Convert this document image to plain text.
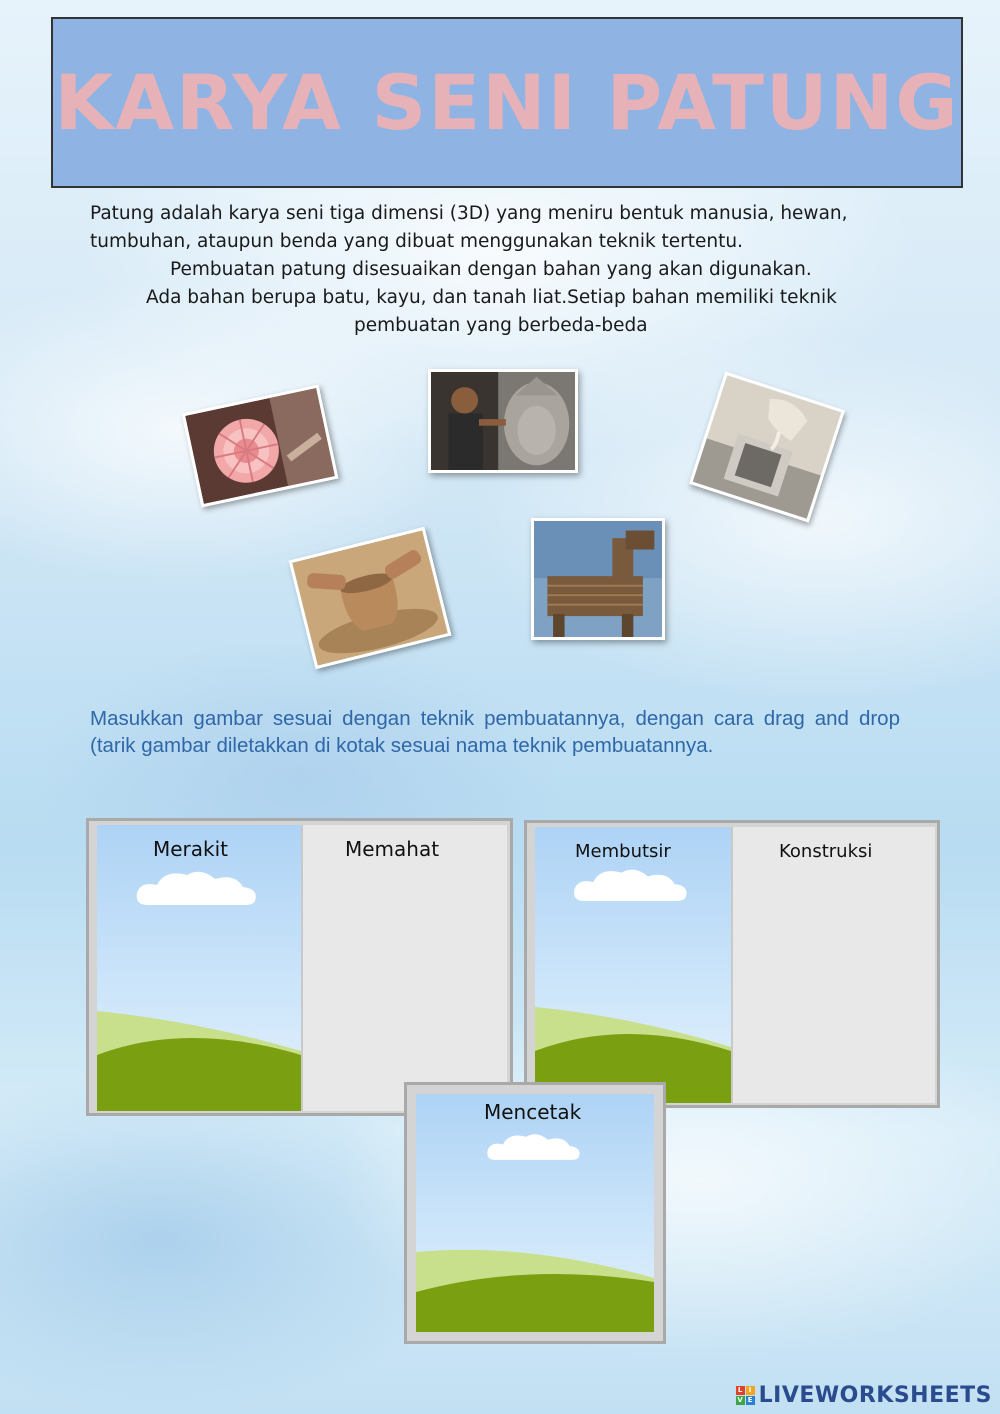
KARYA SENI PATUNG

Patung adalah karya seni tiga dimensi (3D) yang meniru bentuk manusia, hewan,

tumbuhan, ataupun benda yang dibuat menggunakan teknik tertentu.

Pembuatan patung disesuaikan dengan bahan yang akan digunakan.

Ada bahan berupa batu, kayu, dan tanah liat.Setiap bahan memiliki teknik

pembuatan yang berbeda-beda

Masukkan gambar sesuai dengan teknik pembuatannya, dengan cara drag and drop (tarik gambar diletakkan di kotak sesuai nama teknik pembuatannya.
Merakit	Memahat	Membutsir	Konstruksi
Mencetak
L I
V E LIVEWORKSHEETS
